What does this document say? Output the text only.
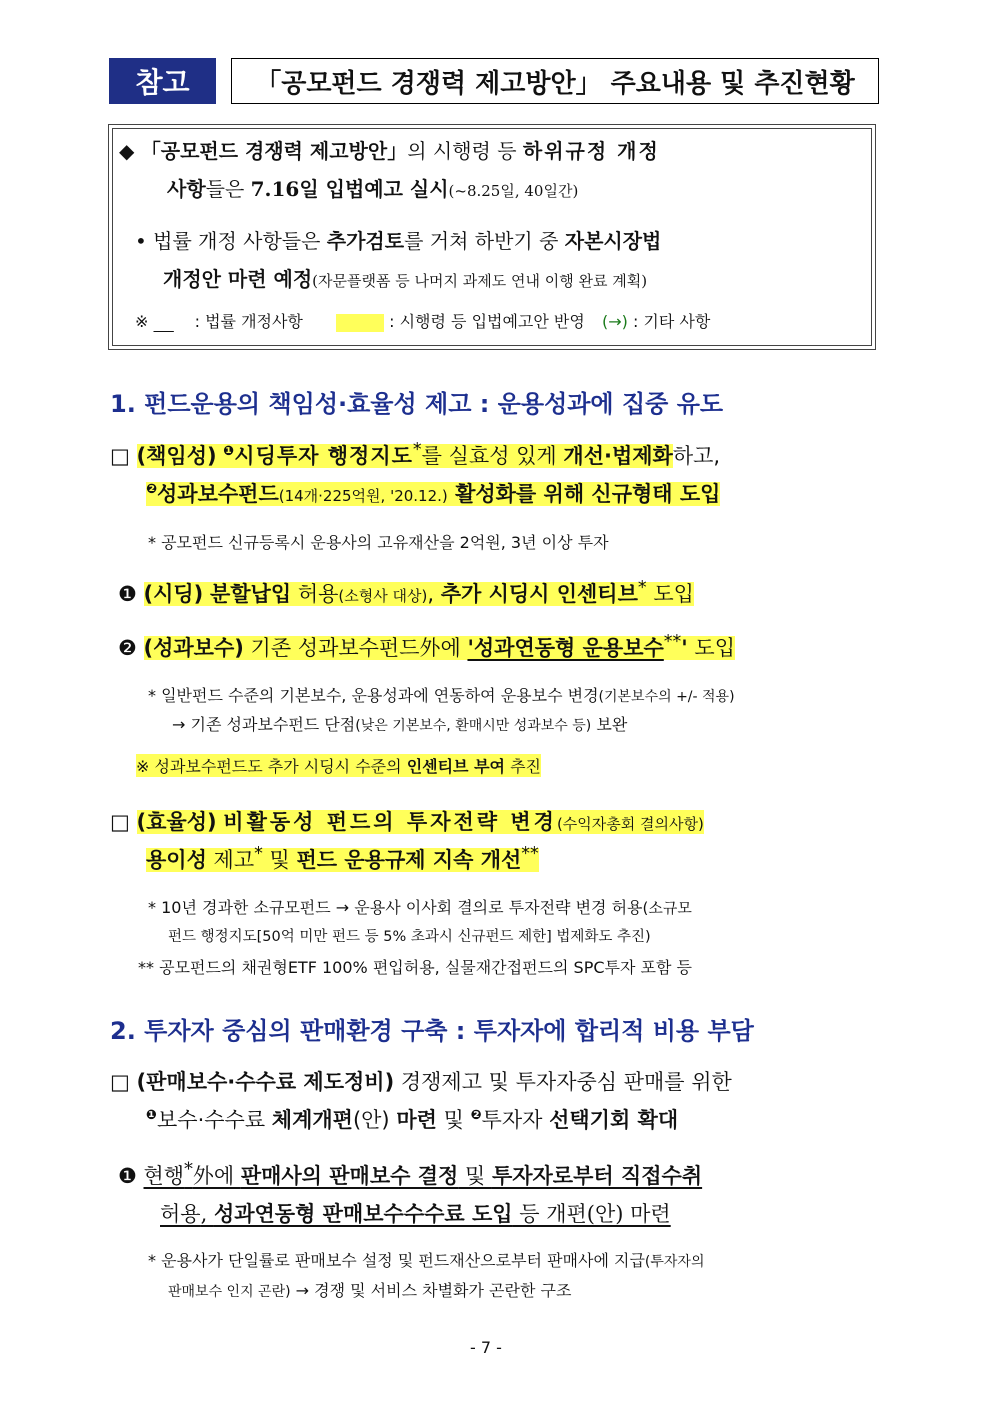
참고	「공모펀드 경쟁력 제고방안」 주요내용 및 추진현황
◆ 「공모펀드 경쟁력 제고방안」의 시행령 등 하위규정 개정
사항들은 7.16일 입법예고 실시(~8.25일, 40일간)
• 법률 개정 사항들은 추가검토를 거쳐 하반기 중 자본시장법
개정안 마련 예정(자문플랫폼 등 나머지 과제도 연내 이행 완료 계획)
※	: 법률 개정사항	: 시행령 등 입법예고안 반영 (→) : 기타 사항
1. 펀드운용의 책임성·효율성 제고 : 운용성과에 집중 유도
□ (책임성) $^❶$시딩투자 행정지도*를 실효성 있게 개선·법제화하고,
$^❷$성과보수펀드(14개·225억원, '20.12.) 활성화를 위해 신규형태 도입
* 공모펀드 신규등록시 운용사의 고유재산을 2억원, 3년 이상 투자
❶ (시딩) 분할납입 허용(소형사 대상), 추가 시딩시 인센티브* 도입
❷ (성과보수) 기존 성과보수펀드外에 '성과연동형 운용보수**' 도입
* 일반펀드 수준의 기본보수, 운용성과에 연동하여 운용보수 변경(기본보수의 +/- 적용)
→ 기존 성과보수펀드 단점(낮은 기본보수, 환매시만 성과보수 등) 보완
※ 성과보수펀드도 추가 시딩시 수준의 인센티브 부여 추진
□ (효율성) 비활동성 펀드의 투자전략 변경(수익자총회 결의사항)
용이성 제고* 및 펀드 운용규제 지속 개선**
* 10년 경과한 소규모펀드 → 운용사 이사회 결의로 투자전략 변경 허용(소규모
펀드 행정지도[50억 미만 펀드 등 5% 초과시 신규펀드 제한] 법제화도 추진)
** 공모펀드의 채권형ETF 100% 편입허용, 실물재간접펀드의 SPC투자 포함 등
2. 투자자 중심의 판매환경 구축 : 투자자에 합리적 비용 부담
□ (판매보수·수수료 제도정비) 경쟁제고 및 투자자중심 판매를 위한
$^❶$보수·수수료 체계개편(안) 마련 및 $^❷$투자자 선택기회 확대
❶ 현행*外에 판매사의 판매보수 결정 및 투자자로부터 직접수취
허용, 성과연동형 판매보수수수료 도입 등 개편(안) 마련
* 운용사가 단일률로 판매보수 설정 및 펀드재산으로부터 판매사에 지급(투자자의
판매보수 인지 곤란) → 경쟁 및 서비스 차별화가 곤란한 구조
- 7 -
